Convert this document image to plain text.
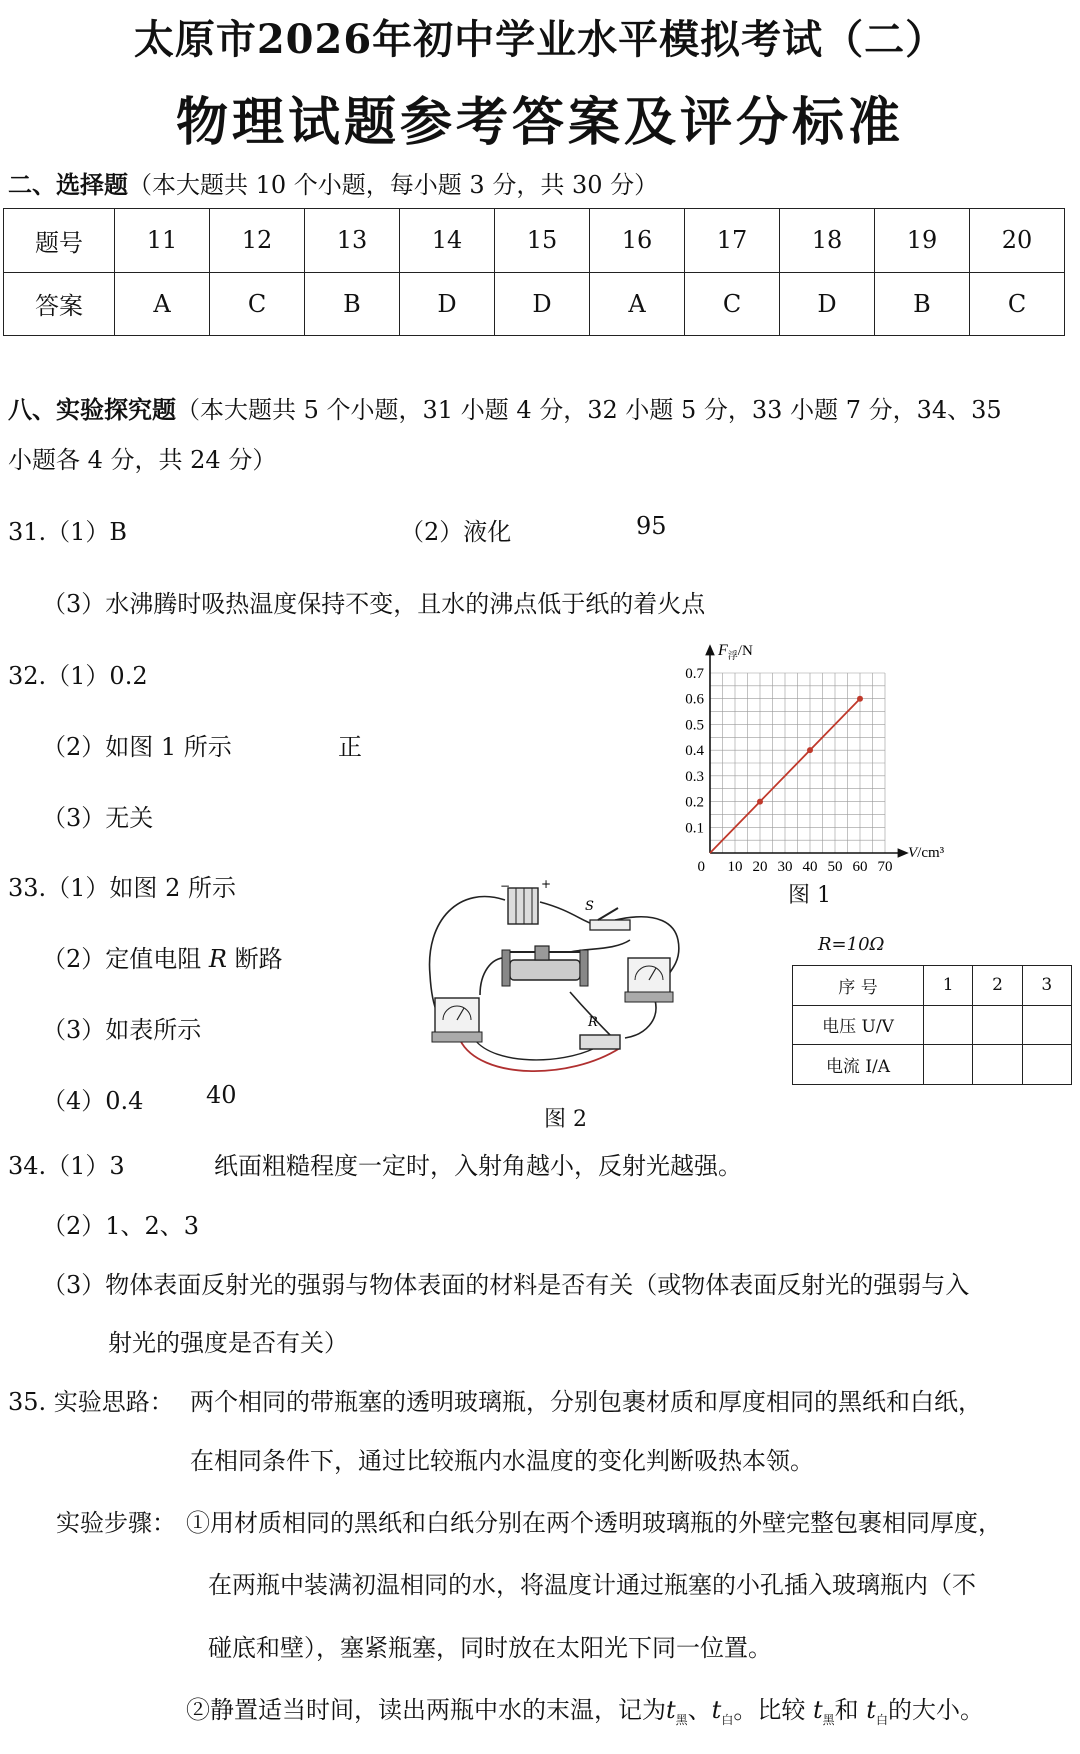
太原市2026年初中学业水平模拟考试（二）
物理试题参考答案及评分标准
二、选择题（本大题共 10 个小题，每小题 3 分，共 30 分）
题号	11	12	13	14	15	16	17	18	19	20
答案	A	C	B	D	D	A	C	D	B	C
八、实验探究题（本大题共 5 个小题，31 小题 4 分，32 小题 5 分，33 小题 7 分，34、35
小题各 4 分，共 24 分）
31.（1）B	（2）液化	95
（3）水沸腾时吸热温度保持不变，且水的沸点低于纸的着火点
32.（1）0.2
（2）如图 1 所示	正
（3）无关
$F_浮/N$
V/cm³
0 10 20 30 40 50 60 70
0.1
0.2
0.3
0.4
0.5
0.6
0.7
图 1
33.（1）如图 2 所示
（2）定值电阻 R 断路
（3）如表所示
（4）0.4	40
−	+
S
R
图 2
R=10Ω
序 号	1	2	3
电压 U/V			
电流 I/A			
34.（1）3	纸面粗糙程度一定时，入射角越小，反射光越强。
（2）1、2、3
（3）物体表面反射光的强弱与物体表面的材料是否有关（或物体表面反射光的强弱与入
射光的强度是否有关）
35. 实验思路： 两个相同的带瓶塞的透明玻璃瓶，分别包裹材质和厚度相同的黑纸和白纸，
在相同条件下，通过比较瓶内水温度的变化判断吸热本领。
实验步骤： ①用材质相同的黑纸和白纸分别在两个透明玻璃瓶的外壁完整包裹相同厚度，
在两瓶中装满初温相同的水，将温度计通过瓶塞的小孔插入玻璃瓶内（不
碰底和壁），塞紧瓶塞，同时放在太阳光下同一位置。
②静置适当时间，读出两瓶中水的末温，记为$t_黑$、$t_白$。比较 $t_黑$和 $t_白$的大小。
